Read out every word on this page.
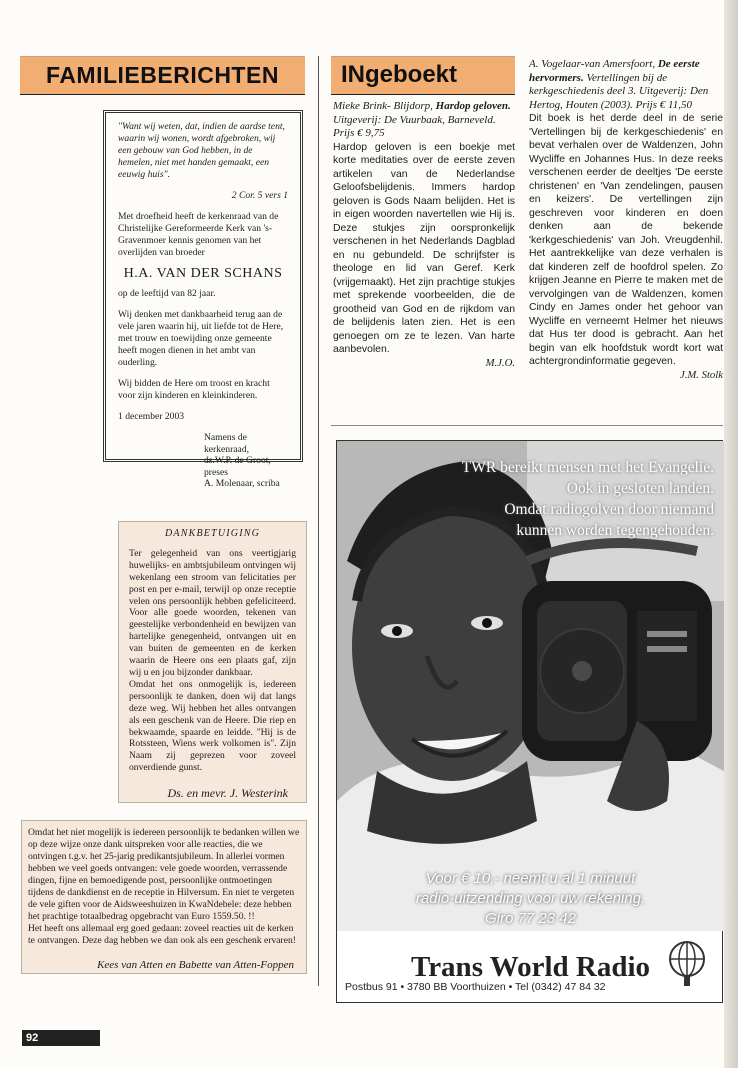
FAMILIEBERICHTEN	INgeboekt

"Want wij weten, dat, indien de aardse tent, waarin wij wonen, wordt afgebroken, wij een gebouw van God hebben, in de hemelen, niet met handen gemaakt, een eeuwig huis".

2 Cor. 5 vers 1

Met droefheid heeft de kerkenraad van de Christelijke Gereformeerde Kerk van 's-Gravenmoer kennis genomen van het overlijden van broeder

H.A. VAN DER SCHANS

op de leeftijd van 82 jaar.

Wij denken met dankbaarheid terug aan de vele jaren waarin hij, uit liefde tot de Here, met trouw en toewijding onze gemeente heeft mogen dienen in het ambt van ouderling.

Wij bidden de Here om troost en kracht voor zijn kinderen en kleinkinderen.

1 december 2003

Namens de kerkenraad,
ds.W.P. de Groot, preses
A. Molenaar, scriba
DANKBETUIGING
Ter gelegenheid van ons veertigjarig huwelijks- en ambtsjubileum ontvingen wij wekenlang een stroom van felicitaties per post en per e-mail, terwijl op onze receptie velen ons persoonlijk hebben gefeliciteerd. Voor alle goede woorden, tekenen van geestelijke verbondenheid en bewijzen van hartelijke genegenheid, ontvangen uit en van buiten de gemeenten en de kerken waarin de Heere ons een plaats gaf, zijn wij u en jou bijzonder dankbaar.
Omdat het ons onmogelijk is, iedereen persoonlijk te danken, doen wij dat langs deze weg. Wij hebben het alles ontvangen als een geschenk van de Heere. Die riep en bekwaamde, spaarde en leidde. "Hij is de Rotssteen, Wiens werk volkomen is". Zijn Naam zij geprezen voor zoveel onverdiende gunst.
Ds. en mevr. J. Westerink
Omdat het niet mogelijk is iedereen persoonlijk te bedanken willen we op deze wijze onze dank uitspreken voor alle reacties, die we ontvingen t.g.v. het 25-jarig predikantsjubileum. In allerlei vormen hebben we veel goeds ontvangen: vele goede woorden, verrassende dingen, fijne en bemoedigende post, persoonlijke ontmoetingen tijdens de dankdienst en de receptie in Hilversum. En niet te vergeten de vele giften voor de Aidsweeshuizen in KwaNdebele: deze hebben het prachtige totaalbedrag opgebracht van Euro 1559.50. !!
Het heeft ons allemaal erg goed gedaan: zoveel reacties uit de kerken te ontvangen. Deze dag hebben we dan ook als een geschenk ervaren!
Kees van Atten en Babette van Atten-Foppen
Mieke Brink- Blijdorp, Hardop geloven. Uitgeverij: De Vuurbaak, Barneveld. Prijs € 9,75
Hardop geloven is een boekje met korte meditaties over de eerste zeven artikelen van de Nederlandse Geloofsbelijdenis. Immers hardop geloven is Gods Naam belijden. Het is in eigen woorden navertellen wie Hij is. Deze stukjes zijn oorspronkelijk verschenen in het Nederlands Dagblad en nu gebundeld. De schrijfster is theologe en lid van Geref. Kerk (vrijgemaakt). Het zijn prachtige stukjes met sprekende voorbeelden, die de grootheid van God en de rijkdom van de belijdenis laten zien. Het is een genoegen om ze te lezen. Van harte aanbevolen.
M.J.O.
A. Vogelaar-van Amersfoort, De eerste hervormers. Vertellingen bij de kerkgeschiedenis deel 3. Uitgeverij: Den Hertog, Houten (2003). Prijs € 11,50
Dit boek is het derde deel in de serie 'Vertellingen bij de kerkgeschiedenis' en bevat verhalen over de Waldenzen, John Wycliffe en Johannes Hus. In deze reeks verschenen eerder de deeltjes 'De eerste christenen' en 'Van zendelingen, pausen en keizers'. De vertellingen zijn geschreven voor kinderen en doen denken aan de bekende 'kerkgeschiedenis' van Joh. Vreugdenhil. Het aantrekkelijke van deze verhalen is dat kinderen zelf de hoofdrol spelen. Zo krijgen Jeanne en Pierre te maken met de vervolgingen van de Waldenzen, komen Cindy en James onder het gehoor van Wycliffe en verneemt Helmer het nieuws dat Hus ter dood is gebracht. Aan het begin van elk hoofdstuk wordt kort wat achtergrondinformatie gegeven.
J.M. Stolk
TWR bereikt mensen met het Evangelie.
Ook in gesloten landen.
Omdat radiogolven door niemand
kunnen worden tegengehouden.
Voor € 10,- neemt u al 1 minuut
radio-uitzending voor uw rekening.
Giro 77 23 42
Trans World Radio
Postbus 91 • 3780 BB Voorthuizen • Tel (0342) 47 84 32
92
